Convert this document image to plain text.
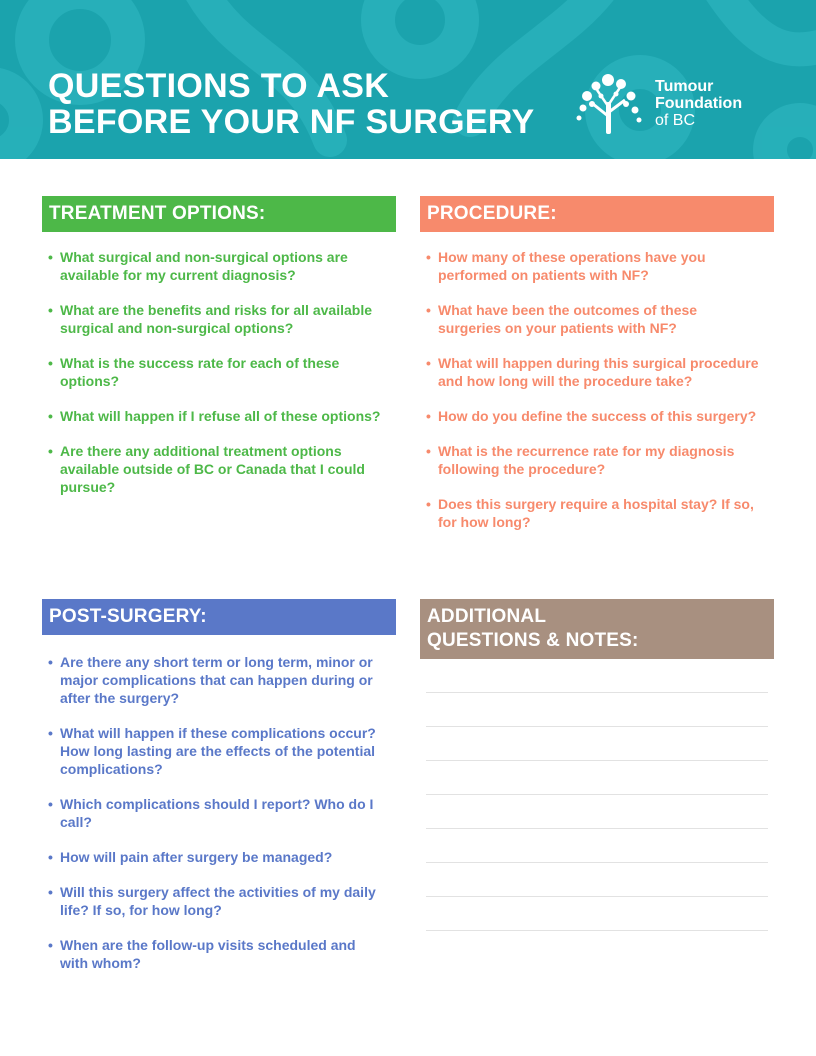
QUESTIONS TO ASK
BEFORE YOUR NF SURGERY
Tumour
Foundation
of BC
TREATMENT OPTIONS:
• What surgical and non-surgical options are available for my current diagnosis?
• What are the benefits and risks for all available surgical and non-surgical options?
• What is the success rate for each of these options?
• What will happen if I refuse all of these options?
• Are there any additional treatment options available outside of BC or Canada that I could pursue?
PROCEDURE:
• How many of these operations have you performed on patients with NF?
• What have been the outcomes of these surgeries on your patients with NF?
• What will happen during this surgical procedure and how long will the procedure take?
• How do you define the success of this surgery?
• What is the recurrence rate for my diagnosis following the procedure?
• Does this surgery require a hospital stay? If so, for how long?
POST-SURGERY:
• Are there any short term or long term, minor or major complications that can happen during or after the surgery?
• What will happen if these complications occur? How long lasting are the effects of the potential complications?
• Which complications should I report? Who do I call?
• How will pain after surgery be managed?
• Will this surgery affect the activities of my daily life? If so, for how long?
• When are the follow-up visits scheduled and with whom?
ADDITIONAL
QUESTIONS & NOTES:
